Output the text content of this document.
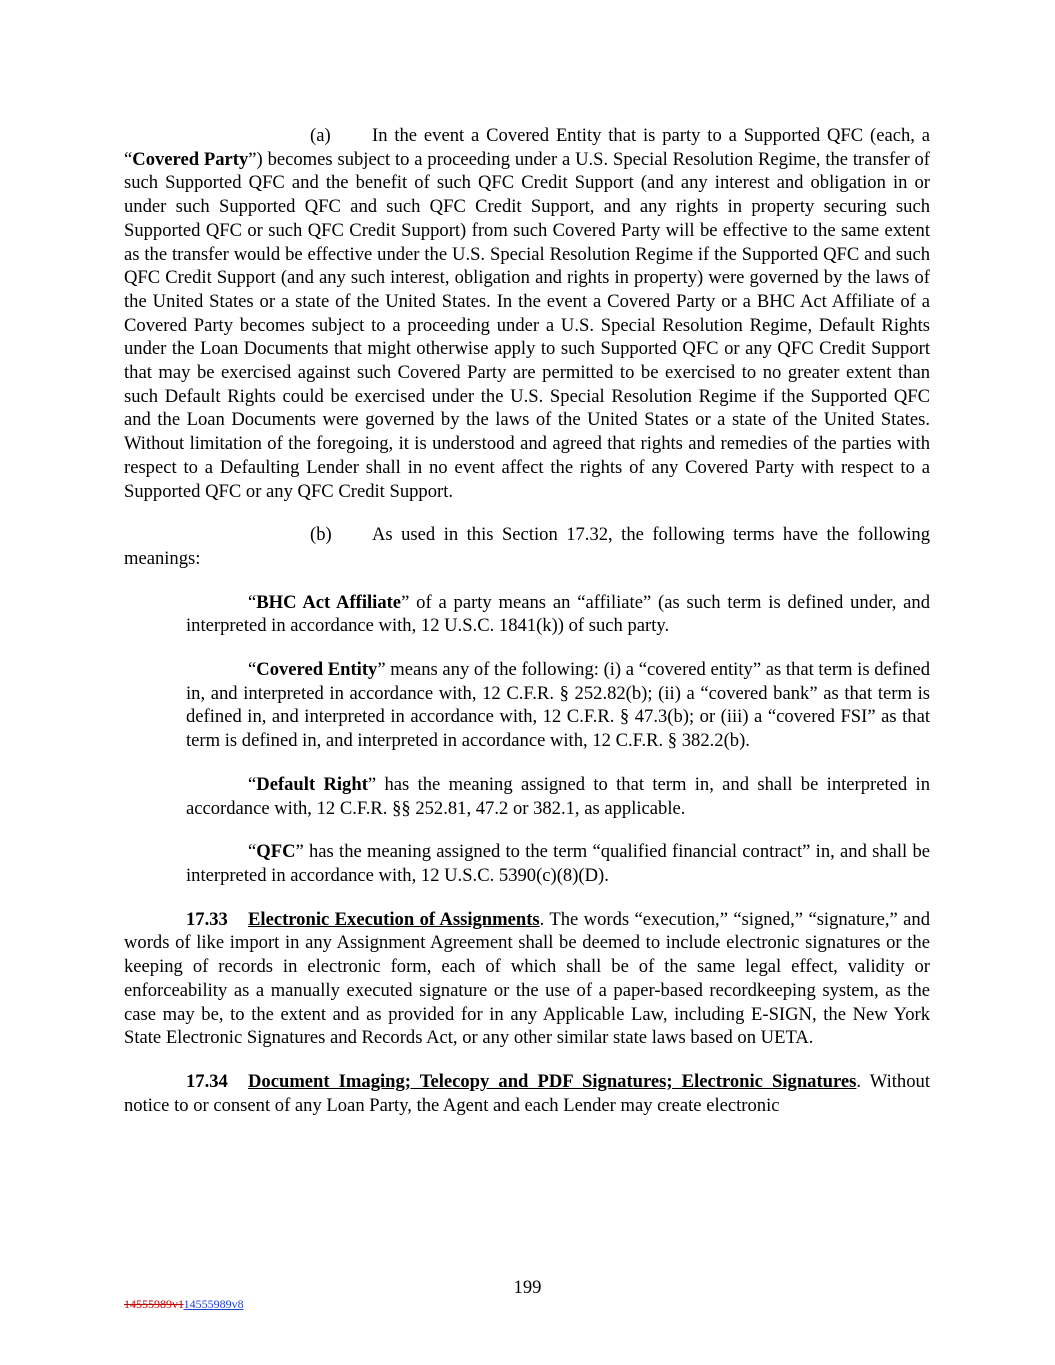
(a) In the event a Covered Entity that is party to a Supported QFC (each, a “Covered Party”) becomes subject to a proceeding under a U.S. Special Resolution Regime, the transfer of such Supported QFC and the benefit of such QFC Credit Support (and any interest and obligation in or under such Supported QFC and such QFC Credit Support, and any rights in property securing such Supported QFC or such QFC Credit Support) from such Covered Party will be effective to the same extent as the transfer would be effective under the U.S. Special Resolution Regime if the Supported QFC and such QFC Credit Support (and any such interest, obligation and rights in property) were governed by the laws of the United States or a state of the United States. In the event a Covered Party or a BHC Act Affiliate of a Covered Party becomes subject to a proceeding under a U.S. Special Resolution Regime, Default Rights under the Loan Documents that might otherwise apply to such Supported QFC or any QFC Credit Support that may be exercised against such Covered Party are permitted to be exercised to no greater extent than such Default Rights could be exercised under the U.S. Special Resolution Regime if the Supported QFC and the Loan Documents were governed by the laws of the United States or a state of the United States. Without limitation of the foregoing, it is understood and agreed that rights and remedies of the parties with respect to a Defaulting Lender shall in no event affect the rights of any Covered Party with respect to a Supported QFC or any QFC Credit Support.

(b) As used in this Section 17.32, the following terms have the following meanings:

“BHC Act Affiliate” of a party means an “affiliate” (as such term is defined under, and interpreted in accordance with, 12 U.S.C. 1841(k)) of such party.

“Covered Entity” means any of the following: (i) a “covered entity” as that term is defined in, and interpreted in accordance with, 12 C.F.R. § 252.82(b); (ii) a “covered bank” as that term is defined in, and interpreted in accordance with, 12 C.F.R. § 47.3(b); or (iii) a “covered FSI” as that term is defined in, and interpreted in accordance with, 12 C.F.R. § 382.2(b).

“Default Right” has the meaning assigned to that term in, and shall be interpreted in accordance with, 12 C.F.R. §§ 252.81, 47.2 or 382.1, as applicable.

“QFC” has the meaning assigned to the term “qualified financial contract” in, and shall be interpreted in accordance with, 12 U.S.C. 5390(c)(8)(D).

17.33 Electronic Execution of Assignments. The words “execution,” “signed,” “signature,” and words of like import in any Assignment Agreement shall be deemed to include electronic signatures or the keeping of records in electronic form, each of which shall be of the same legal effect, validity or enforceability as a manually executed signature or the use of a paper-based recordkeeping system, as the case may be, to the extent and as provided for in any Applicable Law, including E-SIGN, the New York State Electronic Signatures and Records Act, or any other similar state laws based on UETA.

17.34 Document Imaging; Telecopy and PDF Signatures; Electronic Signatures. Without notice to or consent of any Loan Party, the Agent and each Lender may create electronic

199
14555989v114555989v8
